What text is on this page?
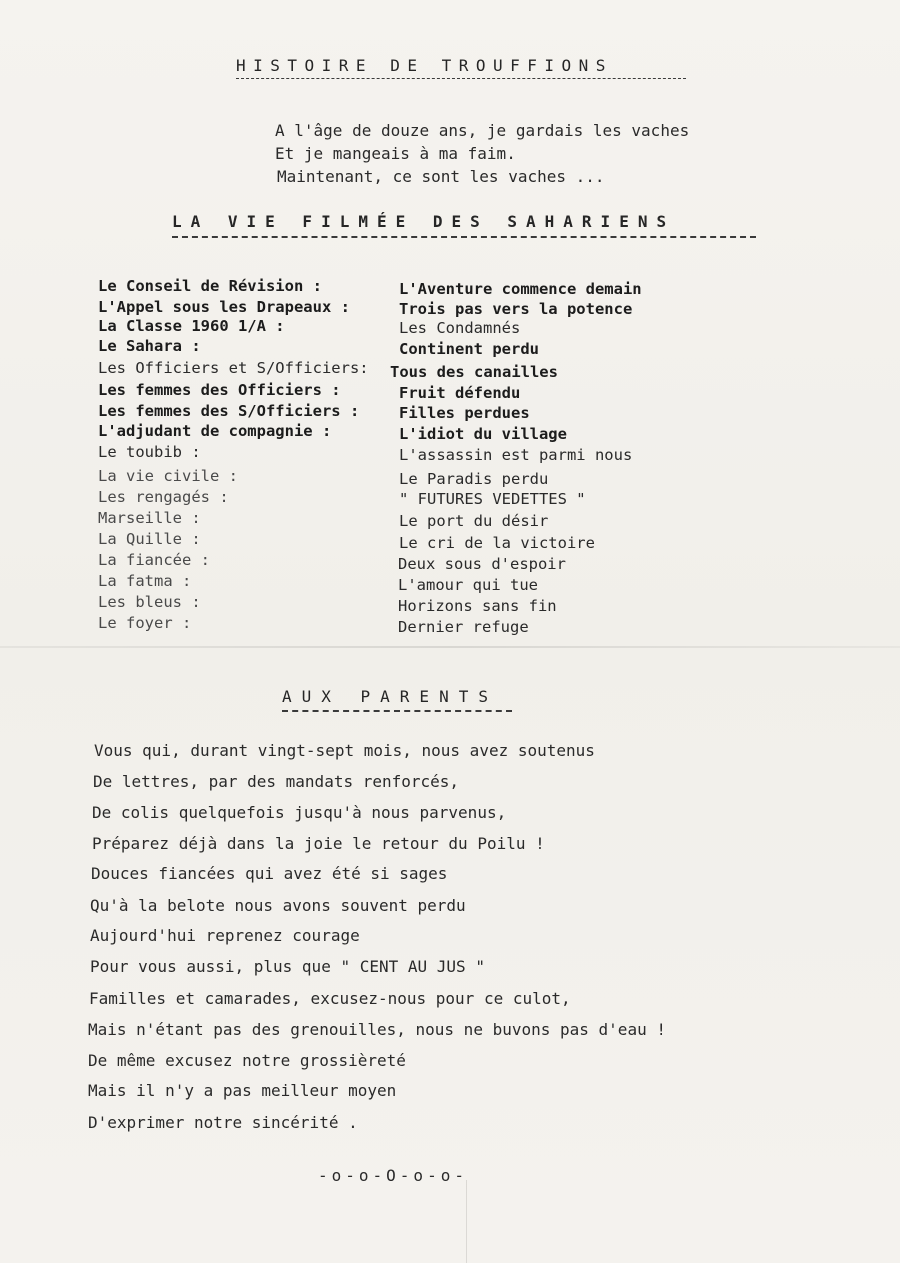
HISTOIRE DE TROUFFIONS
A l'âge de douze ans, je gardais les vaches
Et je mangeais à ma faim.
Maintenant, ce sont les vaches ...
LA VIE FILMÉE DES SAHARIENS
Le Conseil de Révision :	L'Aventure commence demain
L'Appel sous les Drapeaux :	Trois pas vers la potence
La Classe 1960 1/A :	Les Condamnés
Le Sahara :	Continent perdu
Les Officiers et S/Officiers: Tous des canailles
Les femmes des Officiers :	Fruit défendu
Les femmes des S/Officiers :	Filles perdues
L'adjudant de compagnie :	L'idiot du village
Le toubib :	L'assassin est parmi nous
La vie civile :	Le Paradis perdu
Les rengagés :	" FUTURES VEDETTES "
Marseille :	Le port du désir
La Quille :	Le cri de la victoire
La fiancée :	Deux sous d'espoir
La fatma :	L'amour qui tue
Les bleus :	Horizons sans fin
Le foyer :	Dernier refuge
AUX PARENTS
Vous qui, durant vingt-sept mois, nous avez soutenus
De lettres, par des mandats renforcés,
De colis quelquefois jusqu'à nous parvenus,
Préparez déjà dans la joie le retour du Poilu !
Douces fiancées qui avez été si sages
Qu'à la belote nous avons souvent perdu
Aujourd'hui reprenez courage
Pour vous aussi, plus que " CENT AU JUS "
Familles et camarades, excusez-nous pour ce culot,
Mais n'étant pas des grenouilles, nous ne buvons pas d'eau !
De même excusez notre grossièreté
Mais il n'y a pas meilleur moyen
D'exprimer notre sincérité .
-o-o-O-o-o-
